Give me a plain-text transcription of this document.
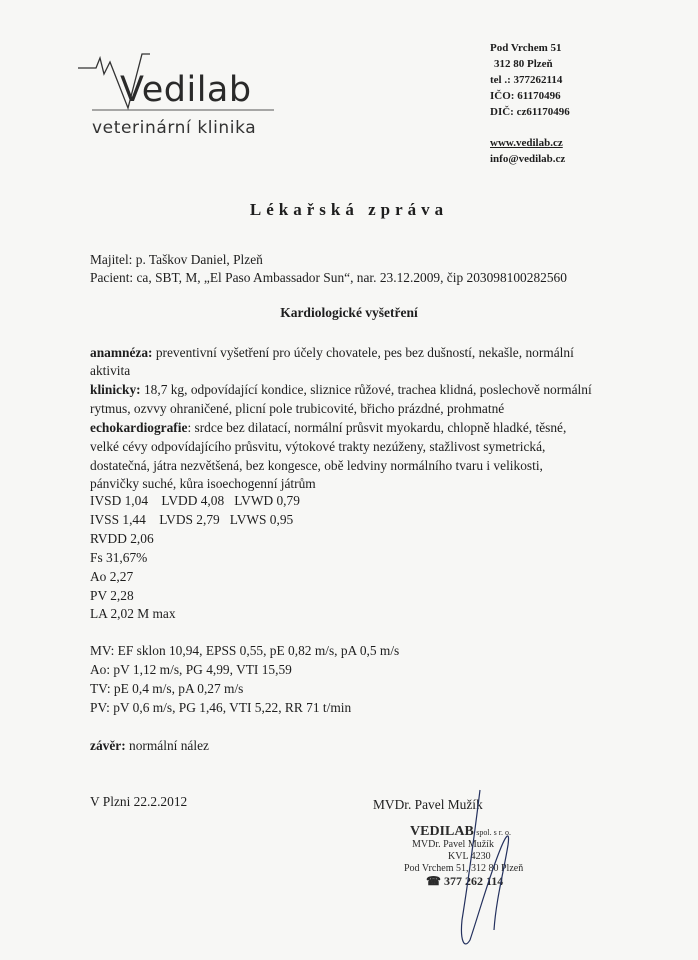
Vedilab
veterinární klinika
Pod Vrchem 51
312 80 Plzeň
tel .: 377262114
IČO: 61170496
DIČ: cz61170496
www.vedilab.cz
info@vedilab.cz
Lékařská zpráva
Majitel: p. Taškov Daniel, Plzeň
Pacient: ca, SBT, M, „El Paso Ambassador Sun“, nar. 23.12.2009, čip 203098100282560
Kardiologické vyšetření
anamnéza: preventivní vyšetření pro účely chovatele, pes bez dušností, nekašle, normální
aktivita
klinicky: 18,7 kg, odpovídající kondice, sliznice růžové, trachea klidná, poslechově normální
rytmus, ozvvy ohraničené, plicní pole trubicovité, břicho prázdné, prohmatné
echokardiografie: srdce bez dilatací, normální průsvit myokardu, chlopně hladké, těsné,
velké cévy odpovídajícího průsvitu, výtokové trakty nezúženy, stažlivost symetrická,
dostatečná, játra nezvětšená, bez kongesce, obě ledviny normálního tvaru i velikosti,
pánvičky suché, kůra isoechogenní játrům
IVSD 1,04    LVDD 4,08   LVWD 0,79
IVSS 1,44    LVDS 2,79   LVWS 0,95
RVDD 2,06
Fs 31,67%
Ao 2,27
PV 2,28
LA 2,02 M max
MV: EF sklon 10,94, EPSS 0,55, pE 0,82 m/s, pA 0,5 m/s
Ao: pV 1,12 m/s, PG 4,99, VTI 15,59
TV: pE 0,4 m/s, pA 0,27 m/s
PV: pV 0,6 m/s, PG 1,46, VTI 5,22, RR 71 t/min
závěr: normální nález
V Plzni 22.2.2012	MVDr. Pavel Mužík
VEDILAB spol. s r. o.
MVDr. Pavel Mužík
KVL 4230
Pod Vrchem 51, 312 80 Plzeň
☎ 377 262 114
